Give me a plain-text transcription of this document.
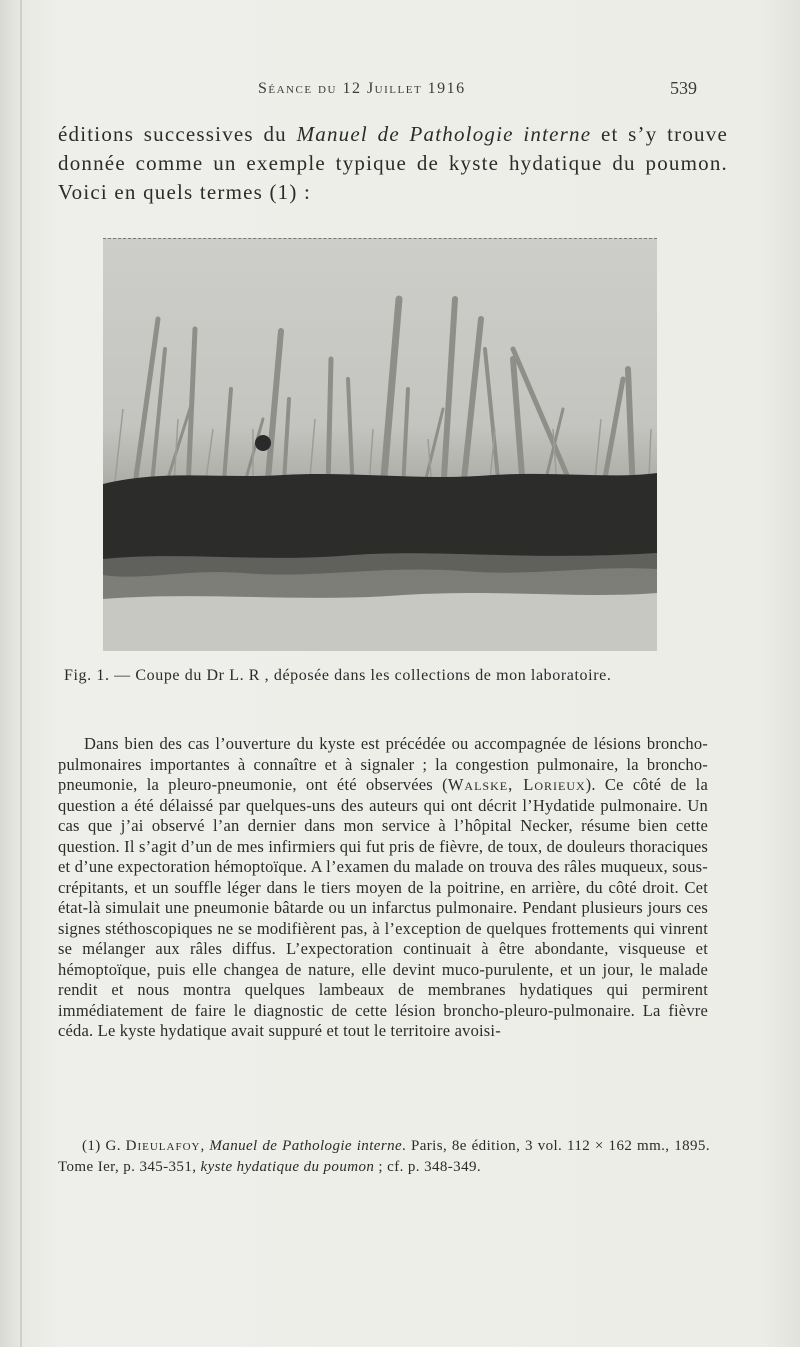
Séance du 12 Juillet 1916	539

éditions successives du Manuel de Pathologie interne et s’y trouve donnée comme un exemple typique de kyste hydatique du poumon. Voici en quels termes (1) :

Fig. 1. — Coupe du Dr L. R , déposée dans les collections de mon laboratoire.

Dans bien des cas l’ouverture du kyste est précédée ou accompagnée de lésions broncho-pulmonaires importantes à connaître et à signaler ; la congestion pulmonaire, la broncho-pneumonie, la pleuro-pneumonie, ont été observées (Walske, Lorieux). Ce côté de la question a été délaissé par quelques-uns des auteurs qui ont décrit l’Hydatide pulmonaire. Un cas que j’ai observé l’an dernier dans mon service à l’hôpital Necker, résume bien cette question. Il s’agit d’un de mes infirmiers qui fut pris de fièvre, de toux, de douleurs thoraciques et d’une expectoration hémoptoïque. A l’examen du malade on trouva des râles muqueux, sous-crépitants, et un souffle léger dans le tiers moyen de la poitrine, en arrière, du côté droit. Cet état-là simulait une pneumonie bâtarde ou un infarctus pulmonaire. Pendant plusieurs jours ces signes stéthoscopiques ne se modifièrent pas, à l’exception de quelques frottements qui vinrent se mélanger aux râles diffus. L’expectoration continuait à être abondante, visqueuse et hémoptoïque, puis elle changea de nature, elle devint muco-purulente, et un jour, le malade rendit et nous montra quelques lambeaux de membranes hydatiques qui permirent immédiatement de faire le diagnostic de cette lésion broncho-pleuro-pulmonaire. La fièvre céda. Le kyste hydatique avait suppuré et tout le territoire avoisi-

(1) G. Dieulafoy, Manuel de Pathologie interne. Paris, 8e édition, 3 vol. 112 × 162 mm., 1895. Tome Ier, p. 345-351, kyste hydatique du poumon ; cf. p. 348-349.
